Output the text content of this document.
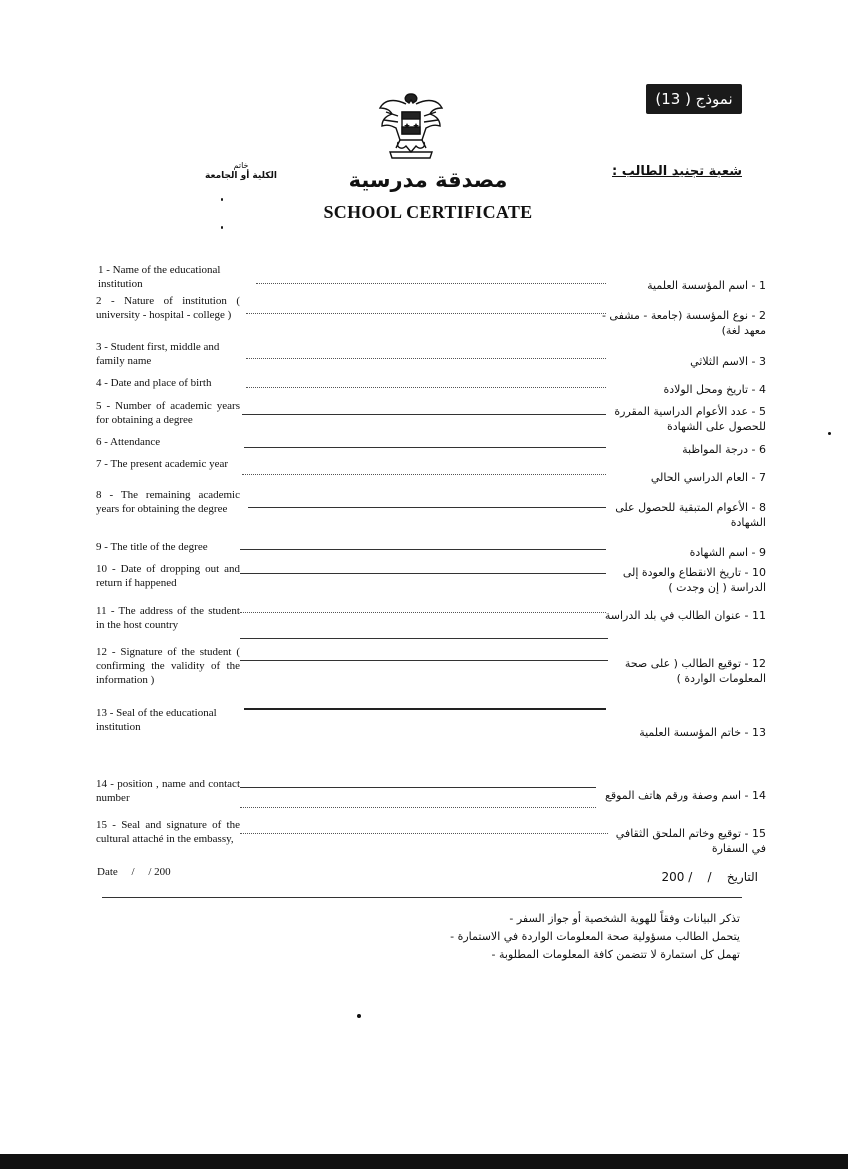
نموذج ( 13)
شعبة تجنيد الطالب :
خاتم
الكلية أو الجامعة	مصدقة مدرسية
SCHOOL CERTIFICATE
1 - Name of the educational institution
2 - Nature of institution ( university - hospital - college )
3 - Student first, middle and family name
4 - Date and place of birth
5 - Number of academic years for obtaining a degree
6 - Attendance
7 - The present academic year
8 - The remaining academic years for obtaining the degree
9 - The title of the degree
10 - Date of dropping out and return if happened
11 - The address of the student in the host country
12 - Signature of the student ( confirming the validity of the information )
13 - Seal of the educational institution
14 - position , name and contact number
15 - Seal and signature of the cultural attaché in the embassy,
1 - اسم المؤسسة العلمية
2 - نوع المؤسسة (جامعة - مشفى - معهد لغة)
3 - الاسم الثلاثي
4 - تاريخ ومحل الولادة
5 - عدد الأعوام الدراسية المقررة للحصول على الشهادة
6 - درجة المواظبة
7 - العام الدراسي الحالي
8 - الأعوام المتبقية للحصول على الشهادة
9 - اسم الشهادة
10 - تاريخ الانقطاع والعودة إلى الدراسة ( إن وجدت )
11 - عنوان الطالب في بلد الدراسة
12 - توقيع الطالب ( على صحة المعلومات الواردة )
13 - خاتم المؤسسة العلمية
14 - اسم وصفة ورقم هاتف الموقع
15 - توقيع وخاتم الملحق الثقافي في السفارة
Date     /     / 200	التاريخ    /    / 200
تذكر البيانات وفقاً للهوية الشخصية أو جواز السفر -
يتحمل الطالب مسؤولية صحة المعلومات الواردة في الاستمارة -
تهمل كل استمارة لا تتضمن كافة المعلومات المطلوبة -
